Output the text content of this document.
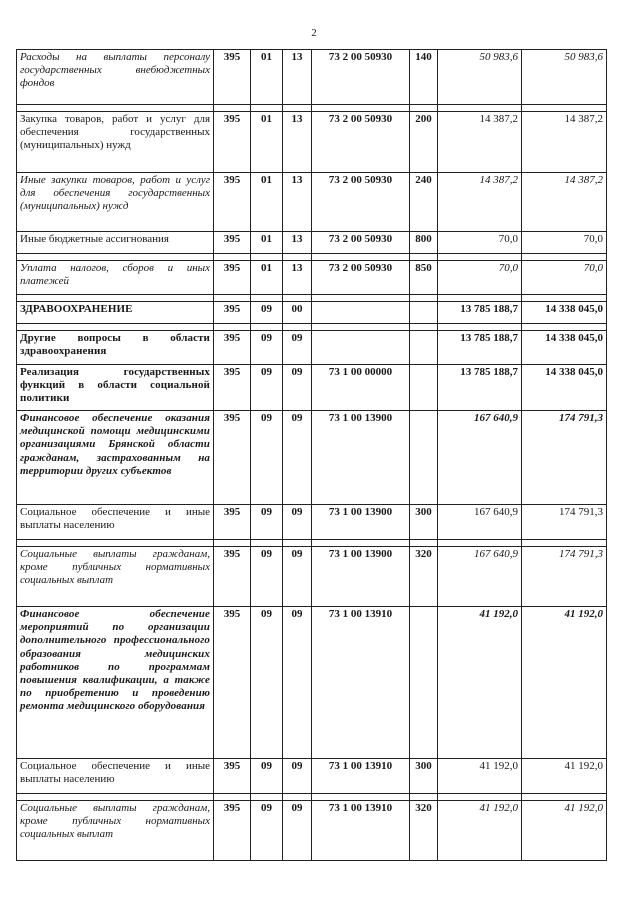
2
Расходы на выплаты персоналу государственных внебюджетных фондов	395	01	13	73 2 00 50930	140	50 983,6	50 983,6

Закупка товаров, работ и услуг для обеспечения государственных (муниципальных) нужд	395	01	13	73 2 00 50930	200	14 387,2	14 387,2
Иные закупки товаров, работ и услуг для обеспечения государственных (муниципальных) нужд	395	01	13	73 2 00 50930	240	14 387,2	14 387,2
Иные бюджетные ассигнования	395	01	13	73 2 00 50930	800	70,0	70,0

Уплата налогов, сборов и иных платежей	395	01	13	73 2 00 50930	850	70,0	70,0

ЗДРАВООХРАНЕНИЕ	395	09	00			13 785 188,7	14 338 045,0

Другие вопросы в области здравоохранения	395	09	09			13 785 188,7	14 338 045,0
Реализация государственных функций в области социальной политики	395	09	09	73 1 00 00000		13 785 188,7	14 338 045,0
Финансовое обеспечение оказания медицинской помощи медицинскими организациями Брянской области гражданам, застрахованным на территории других субъектов	395	09	09	73 1 00 13900		167 640,9	174 791,3
Социальное обеспечение и иные выплаты населению	395	09	09	73 1 00 13900	300	167 640,9	174 791,3

Социальные выплаты гражданам, кроме публичных нормативных социальных выплат	395	09	09	73 1 00 13900	320	167 640,9	174 791,3
Финансовое обеспечение мероприятий по организации дополнительного профессионального образования медицинских работников по программам повышения квалификации, а также по приобретению и проведению ремонта медицинского оборудования	395	09	09	73 1 00 13910		41 192,0	41 192,0
Социальное обеспечение и иные выплаты населению	395	09	09	73 1 00 13910	300	41 192,0	41 192,0

Социальные выплаты гражданам, кроме публичных нормативных социальных выплат	395	09	09	73 1 00 13910	320	41 192,0	41 192,0
